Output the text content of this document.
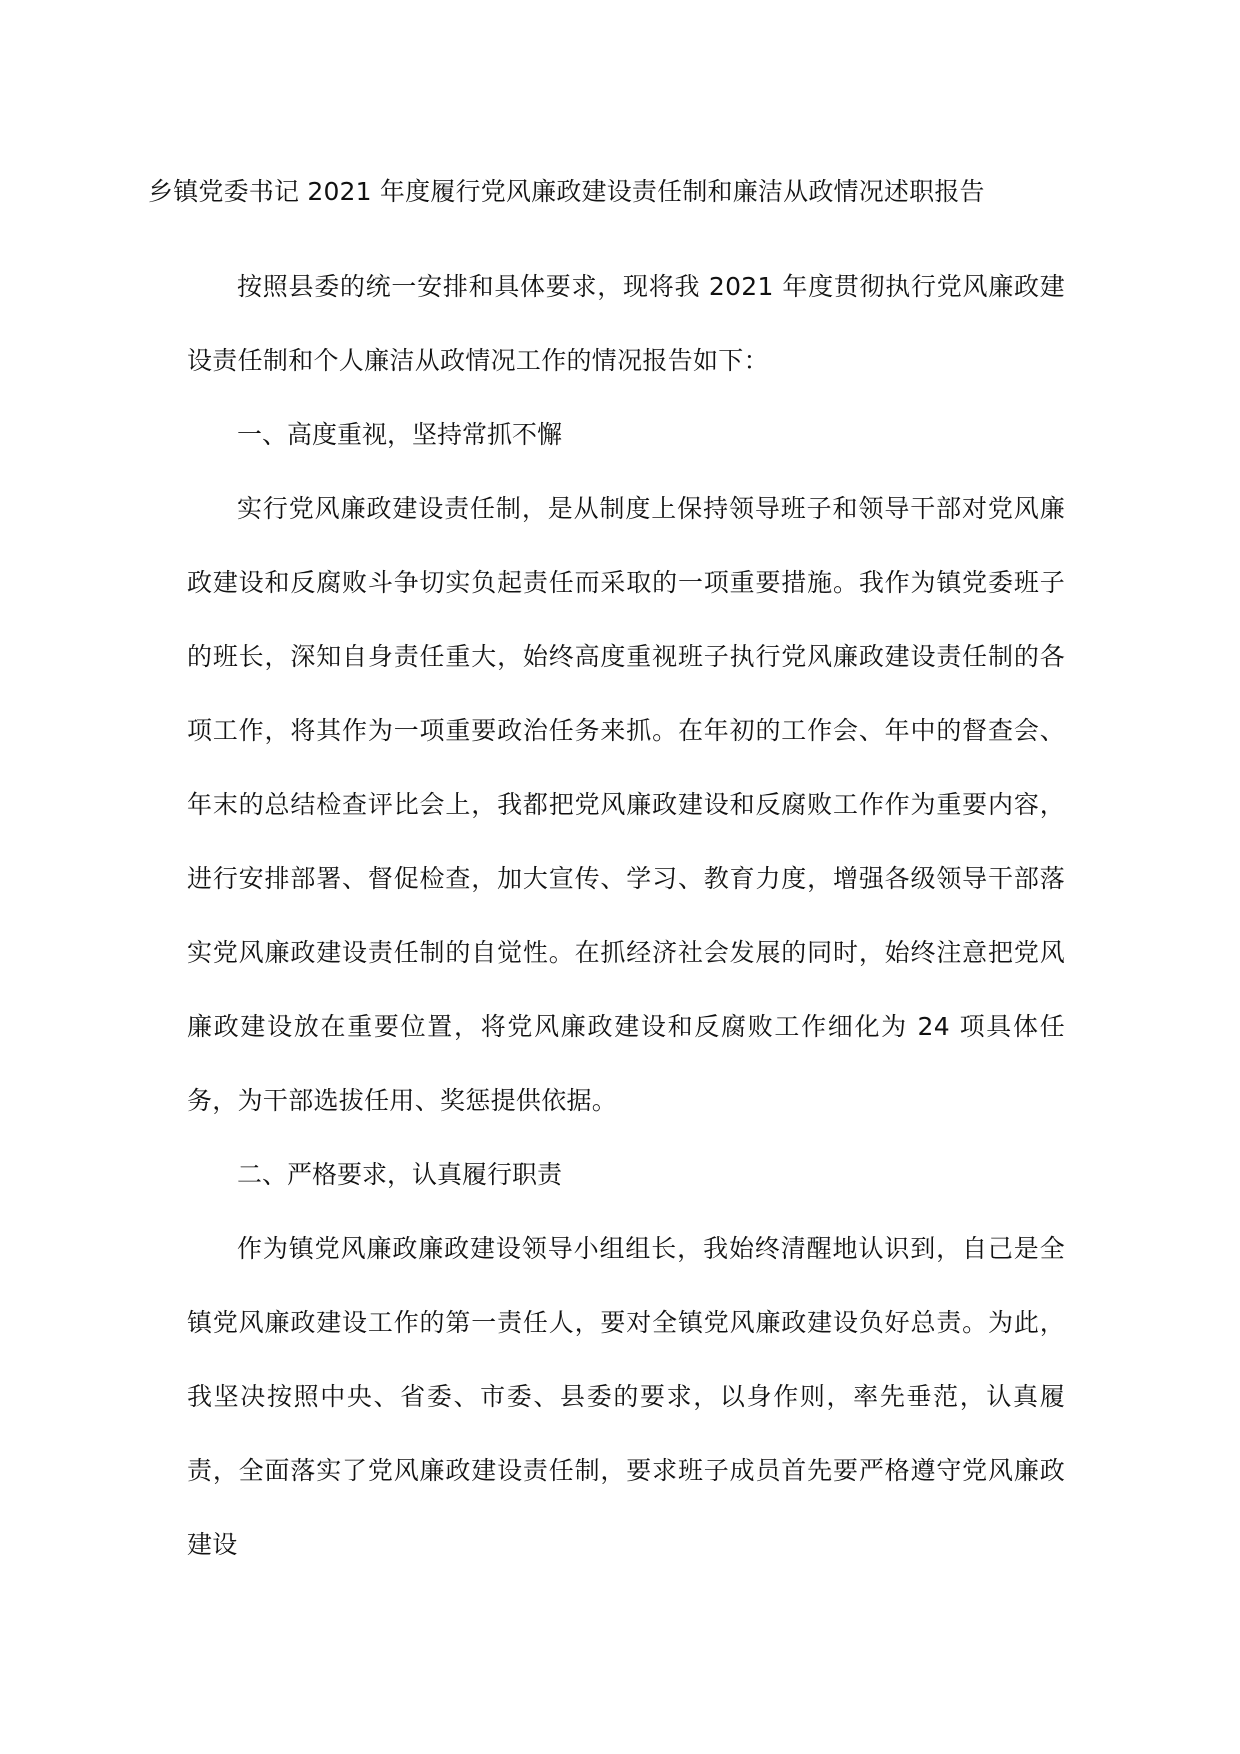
乡镇党委书记 2021 年度履行党风廉政建设责任制和廉洁从政情况述职报告

按照县委的统一安排和具体要求，现将我 2021 年度贯彻执行党风廉政建设责任制和个人廉洁从政情况工作的情况报告如下：

一、高度重视，坚持常抓不懈

实行党风廉政建设责任制，是从制度上保持领导班子和领导干部对党风廉政建设和反腐败斗争切实负起责任而采取的一项重要措施。我作为镇党委班子的班长，深知自身责任重大，始终高度重视班子执行党风廉政建设责任制的各项工作，将其作为一项重要政治任务来抓。在年初的工作会、年中的督查会、年末的总结检查评比会上，我都把党风廉政建设和反腐败工作作为重要内容，进行安排部署、督促检查，加大宣传、学习、教育力度，增强各级领导干部落实党风廉政建设责任制的自觉性。在抓经济社会发展的同时，始终注意把党风廉政建设放在重要位置，将党风廉政建设和反腐败工作细化为 24 项具体任务，为干部选拔任用、奖惩提供依据。

二、严格要求，认真履行职责

作为镇党风廉政廉政建设领导小组组长，我始终清醒地认识到，自己是全镇党风廉政建设工作的第一责任人，要对全镇党风廉政建设负好总责。为此，我坚决按照中央、省委、市委、县委的要求，以身作则，率先垂范，认真履责，全面落实了党风廉政建设责任制，要求班子成员首先要严格遵守党风廉政建设
